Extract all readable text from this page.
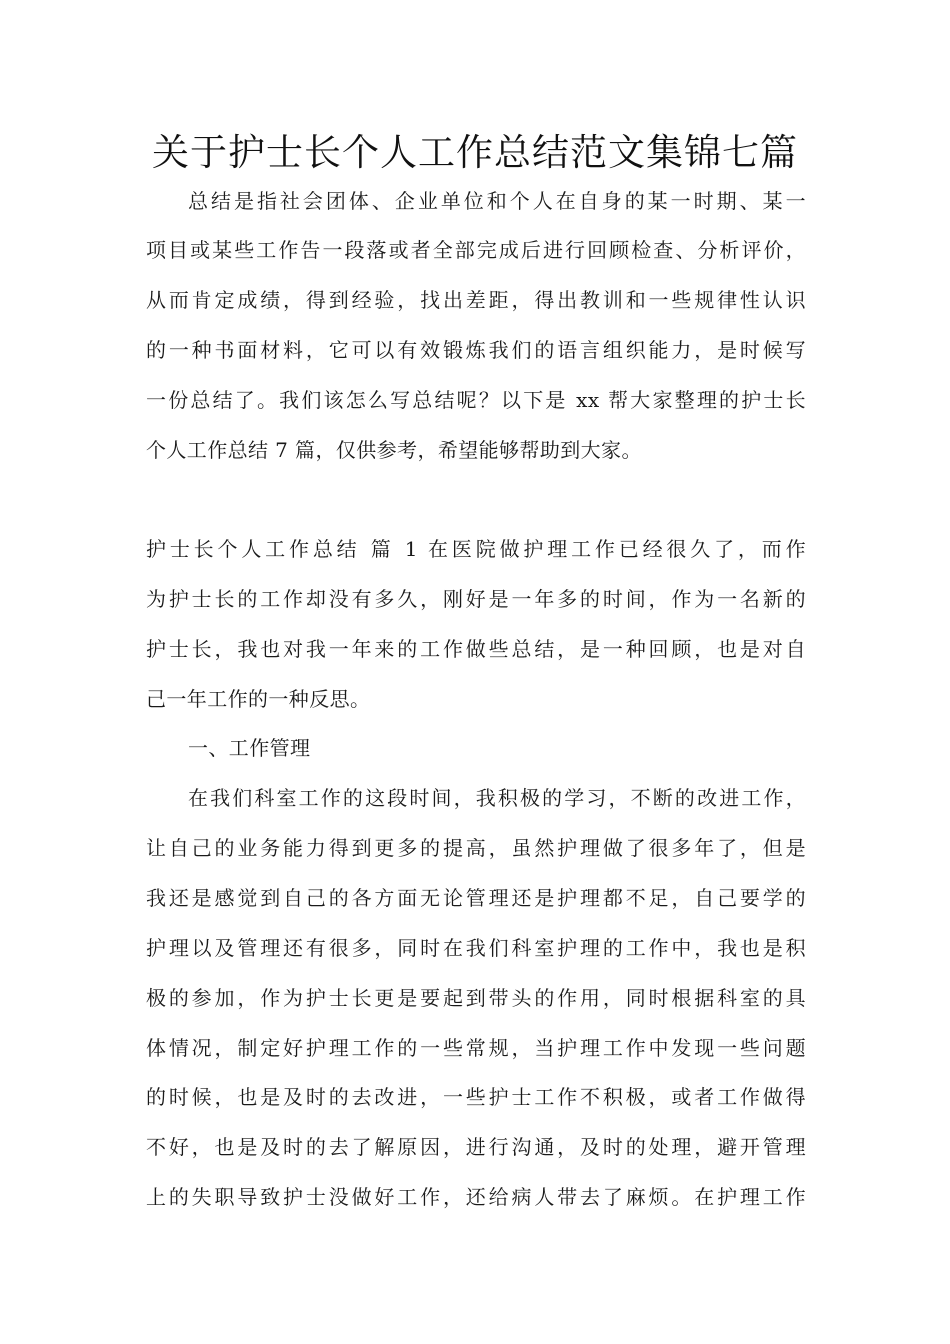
关于护士长个人工作总结范文集锦七篇
总结是指社会团体、企业单位和个人在自身的某一时期、某一
项目或某些工作告一段落或者全部完成后进行回顾检查、分析评价，
从而肯定成绩，得到经验，找出差距，得出教训和一些规律性认识
的一种书面材料，它可以有效锻炼我们的语言组织能力，是时候写
一份总结了。我们该怎么写总结呢？以下是 xx 帮大家整理的护士长
个人工作总结 7 篇，仅供参考，希望能够帮助到大家。
护士长个人工作总结 篇 1 在医院做护理工作已经很久了，而作
为护士长的工作却没有多久，刚好是一年多的时间，作为一名新的
护士长，我也对我一年来的工作做些总结，是一种回顾，也是对自
己一年工作的一种反思。
一、工作管理
在我们科室工作的这段时间，我积极的学习，不断的改进工作，
让自己的业务能力得到更多的提高，虽然护理做了很多年了，但是
我还是感觉到自己的各方面无论管理还是护理都不足，自己要学的
护理以及管理还有很多，同时在我们科室护理的工作中，我也是积
极的参加，作为护士长更是要起到带头的作用，同时根据科室的具
体情况，制定好护理工作的一些常规，当护理工作中发现一些问题
的时候，也是及时的去改进，一些护士工作不积极，或者工作做得
不好，也是及时的去了解原因，进行沟通，及时的处理，避开管理
上的失职导致护士没做好工作，还给病人带去了麻烦。在护理工作
